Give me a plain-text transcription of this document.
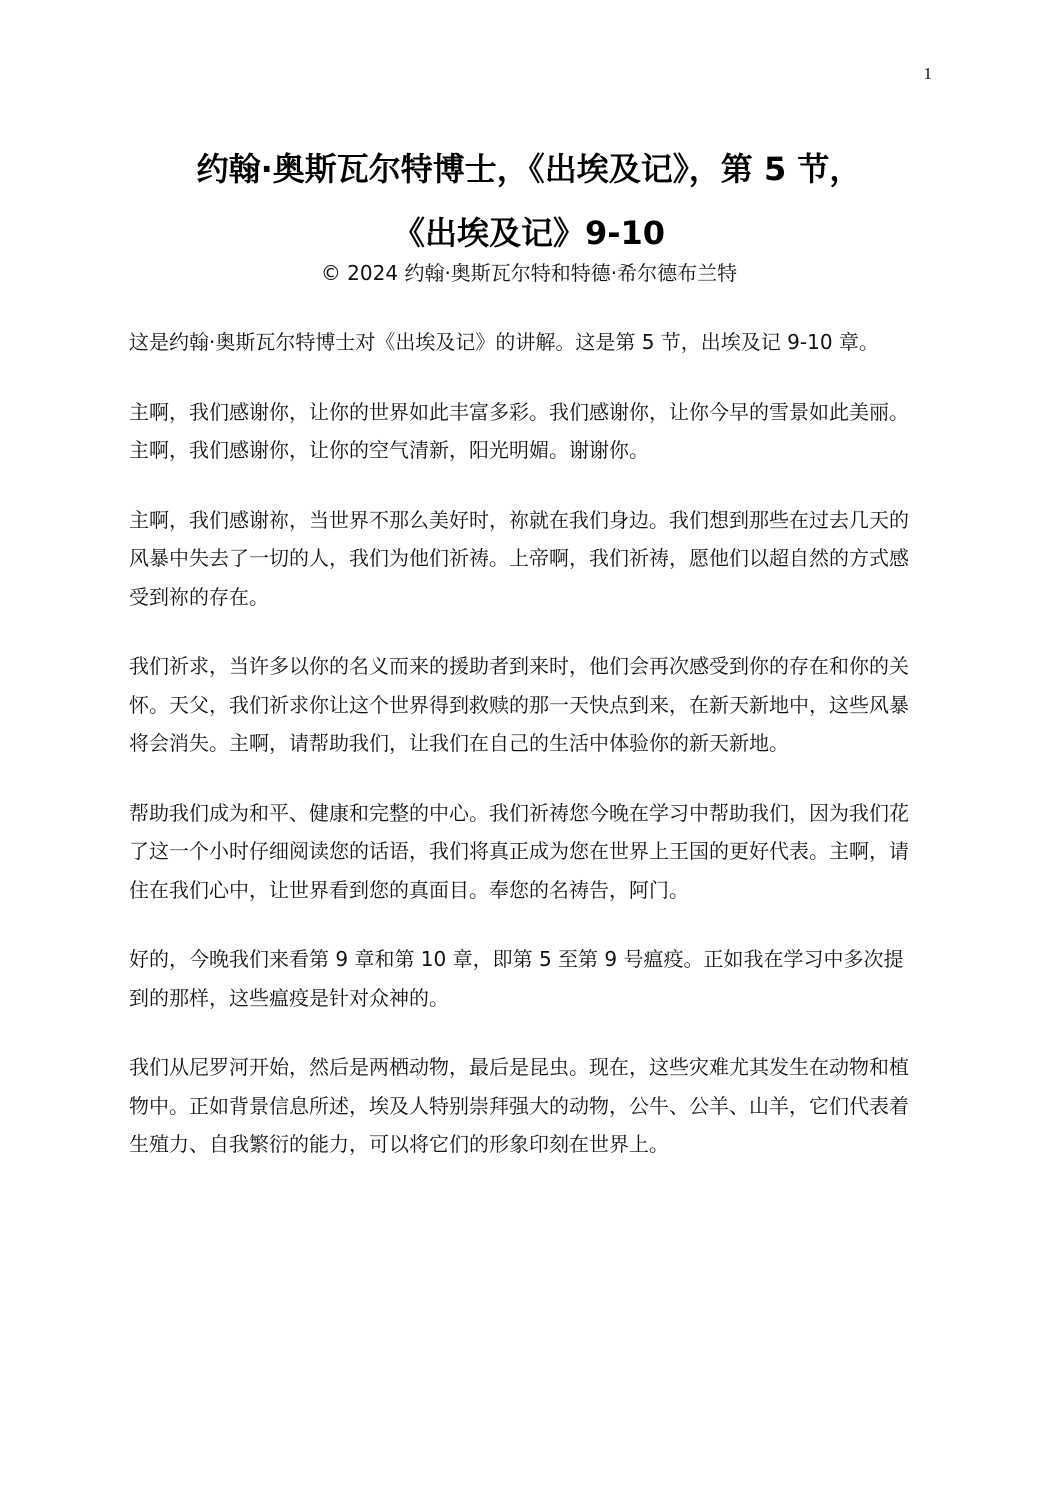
1
约翰·奥斯瓦尔特博士，《出埃及记》，第 5 节，
《出埃及记》9-10
© 2024 约翰·奥斯瓦尔特和特德·希尔德布兰特

这是约翰·奥斯瓦尔特博士对《出埃及记》的讲解。这是第 5 节，出埃及记 9-10 章。

主啊，我们感谢你，让你的世界如此丰富多彩。我们感谢你，让你今早的雪景如此美丽。主啊，我们感谢你，让你的空气清新，阳光明媚。谢谢你。

主啊，我们感谢祢，当世界不那么美好时，祢就在我们身边。我们想到那些在过去几天的风暴中失去了一切的人，我们为他们祈祷。上帝啊，我们祈祷，愿他们以超自然的方式感受到祢的存在。

我们祈求，当许多以你的名义而来的援助者到来时，他们会再次感受到你的存在和你的关怀。天父，我们祈求你让这个世界得到救赎的那一天快点到来，在新天新地中，这些风暴将会消失。主啊，请帮助我们，让我们在自己的生活中体验你的新天新地。

帮助我们成为和平、健康和完整的中心。我们祈祷您今晚在学习中帮助我们，因为我们花了这一个小时仔细阅读您的话语，我们将真正成为您在世界上王国的更好代表。主啊，请住在我们心中，让世界看到您的真面目。奉您的名祷告，阿门。

好的，今晚我们来看第 9 章和第 10 章，即第 5 至第 9 号瘟疫。正如我在学习中多次提到的那样，这些瘟疫是针对众神的。

我们从尼罗河开始，然后是两栖动物，最后是昆虫。现在，这些灾难尤其发生在动物和植物中。正如背景信息所述，埃及人特别崇拜强大的动物，公牛、公羊、山羊，它们代表着生殖力、自我繁衍的能力，可以将它们的形象印刻在世界上。
